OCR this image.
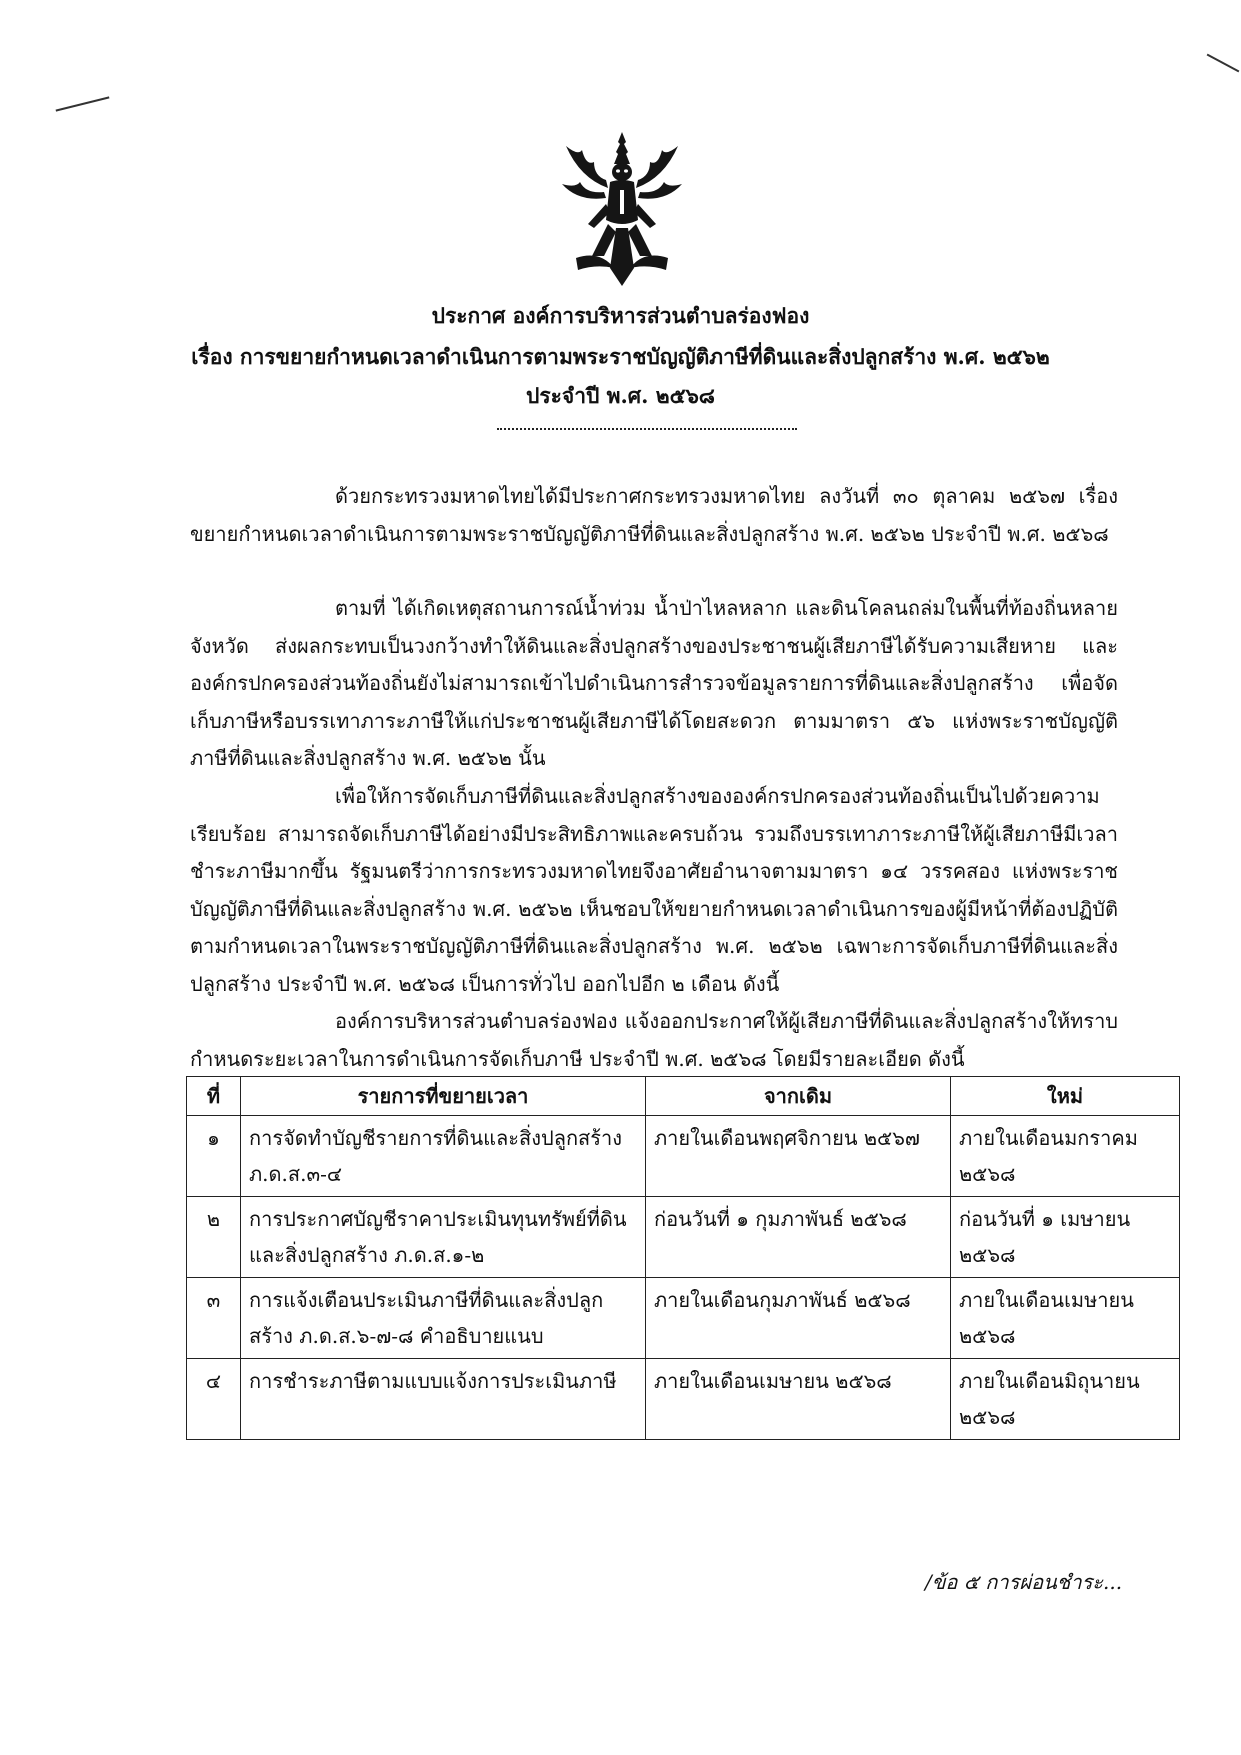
ประกาศ องค์การบริหารส่วนตำบลร่องฟอง
เรื่อง การขยายกำหนดเวลาดำเนินการตามพระราชบัญญัติภาษีที่ดินและสิ่งปลูกสร้าง พ.ศ. ๒๕๖๒
ประจำปี พ.ศ. ๒๕๖๘
ด้วยกระทรวงมหาดไทยได้มีประกาศกระทรวงมหาดไทย ลงวันที่ ๓๐ ตุลาคม ๒๕๖๗ เรื่องขยายกำหนดเวลาดำเนินการตามพระราชบัญญัติภาษีที่ดินและสิ่งปลูกสร้าง พ.ศ. ๒๕๖๒ ประจำปี พ.ศ. ๒๕๖๘
ตามที่ ได้เกิดเหตุสถานการณ์น้ำท่วม น้ำป่าไหลหลาก และดินโคลนถล่มในพื้นที่ท้องถิ่นหลายจังหวัด ส่งผลกระทบเป็นวงกว้างทำให้ดินและสิ่งปลูกสร้างของประชาชนผู้เสียภาษีได้รับความเสียหาย และองค์กรปกครองส่วนท้องถิ่นยังไม่สามารถเข้าไปดำเนินการสำรวจข้อมูลรายการที่ดินและสิ่งปลูกสร้าง เพื่อจัดเก็บภาษีหรือบรรเทาภาระภาษีให้แก่ประชาชนผู้เสียภาษีได้โดยสะดวก ตามมาตรา ๕๖ แห่งพระราชบัญญัติภาษีที่ดินและสิ่งปลูกสร้าง พ.ศ. ๒๕๖๒ นั้น
เพื่อให้การจัดเก็บภาษีที่ดินและสิ่งปลูกสร้างขององค์กรปกครองส่วนท้องถิ่นเป็นไปด้วยความเรียบร้อย สามารถจัดเก็บภาษีได้อย่างมีประสิทธิภาพและครบถ้วน รวมถึงบรรเทาภาระภาษีให้ผู้เสียภาษีมีเวลาชำระภาษีมากขึ้น รัฐมนตรีว่าการกระทรวงมหาดไทยจึงอาศัยอำนาจตามมาตรา ๑๔ วรรคสอง แห่งพระราชบัญญัติภาษีที่ดินและสิ่งปลูกสร้าง พ.ศ. ๒๕๖๒ เห็นชอบให้ขยายกำหนดเวลาดำเนินการของผู้มีหน้าที่ต้องปฏิบัติตามกำหนดเวลาในพระราชบัญญัติภาษีที่ดินและสิ่งปลูกสร้าง พ.ศ. ๒๕๖๒ เฉพาะการจัดเก็บภาษีที่ดินและสิ่งปลูกสร้าง ประจำปี พ.ศ. ๒๕๖๘ เป็นการทั่วไป ออกไปอีก ๒ เดือน ดังนี้
องค์การบริหารส่วนตำบลร่องฟอง แจ้งออกประกาศให้ผู้เสียภาษีที่ดินและสิ่งปลูกสร้างให้ทราบกำหนดระยะเวลาในการดำเนินการจัดเก็บภาษี ประจำปี พ.ศ. ๒๕๖๘ โดยมีรายละเอียด ดังนี้
ที่	รายการที่ขยายเวลา	จากเดิม	ใหม่
๑	การจัดทำบัญชีรายการที่ดินและสิ่งปลูกสร้าง ภ.ด.ส.๓-๔	ภายในเดือนพฤศจิกายน ๒๕๖๗	ภายในเดือนมกราคม ๒๕๖๘
๒	การประกาศบัญชีราคาประเมินทุนทรัพย์ที่ดินและสิ่งปลูกสร้าง ภ.ด.ส.๑-๒	ก่อนวันที่ ๑ กุมภาพันธ์ ๒๕๖๘	ก่อนวันที่ ๑ เมษายน ๒๕๖๘
๓	การแจ้งเตือนประเมินภาษีที่ดินและสิ่งปลูกสร้าง ภ.ด.ส.๖-๗-๘ คำอธิบายแนบ	ภายในเดือนกุมภาพันธ์ ๒๕๖๘	ภายในเดือนเมษายน ๒๕๖๘
๔	การชำระภาษีตามแบบแจ้งการประเมินภาษี	ภายในเดือนเมษายน ๒๕๖๘	ภายในเดือนมิถุนายน ๒๕๖๘
/ข้อ ๕ การผ่อนชำระ...
